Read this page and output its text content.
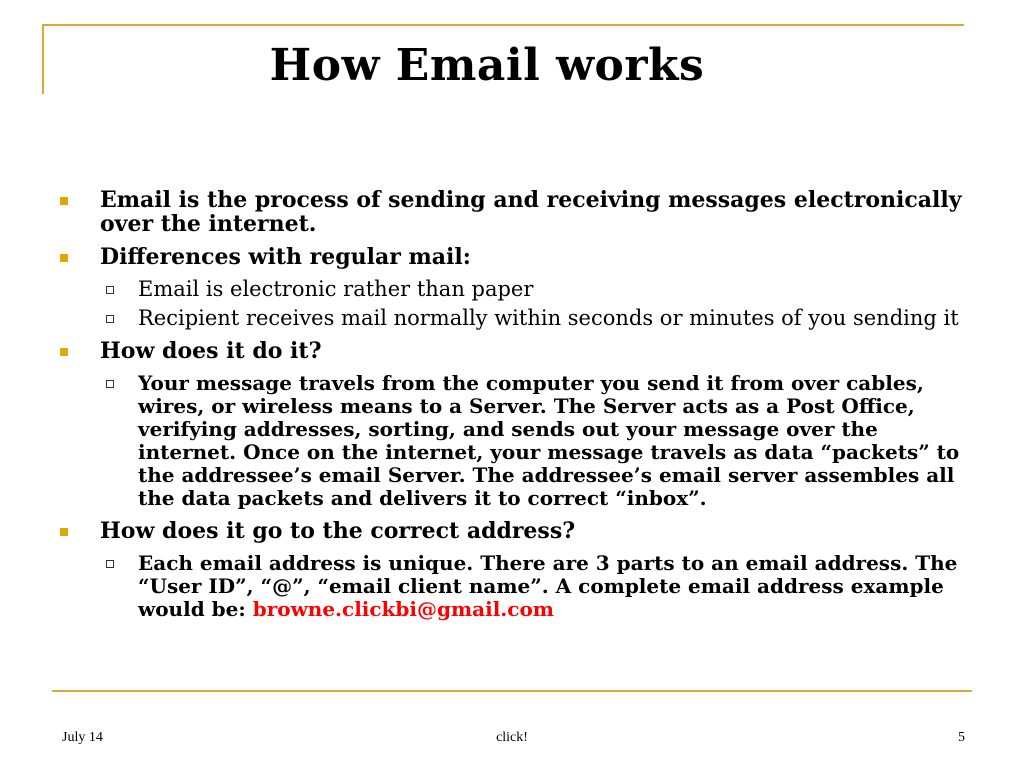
How Email works
Email is the process of sending and receiving messages electronically over the internet.
Differences with regular mail:
Email is electronic rather than paper
Recipient receives mail normally within seconds or minutes of you sending it
How does it do it?
Your message travels from the computer you send it from over cables, wires, or wireless means to a Server. The Server acts as a Post Office, verifying addresses, sorting, and sends out your message over the internet. Once on the internet, your message travels as data “packets” to the addressee’s email Server. The addressee’s email server assembles all the data packets and delivers it to correct “inbox”.
How does it go to the correct address?
Each email address is unique. There are 3 parts to an email address. The “User ID”, “@”, “email client name”. A complete email address example would be: browne.clickbi@gmail.com
July 14	click!	5
